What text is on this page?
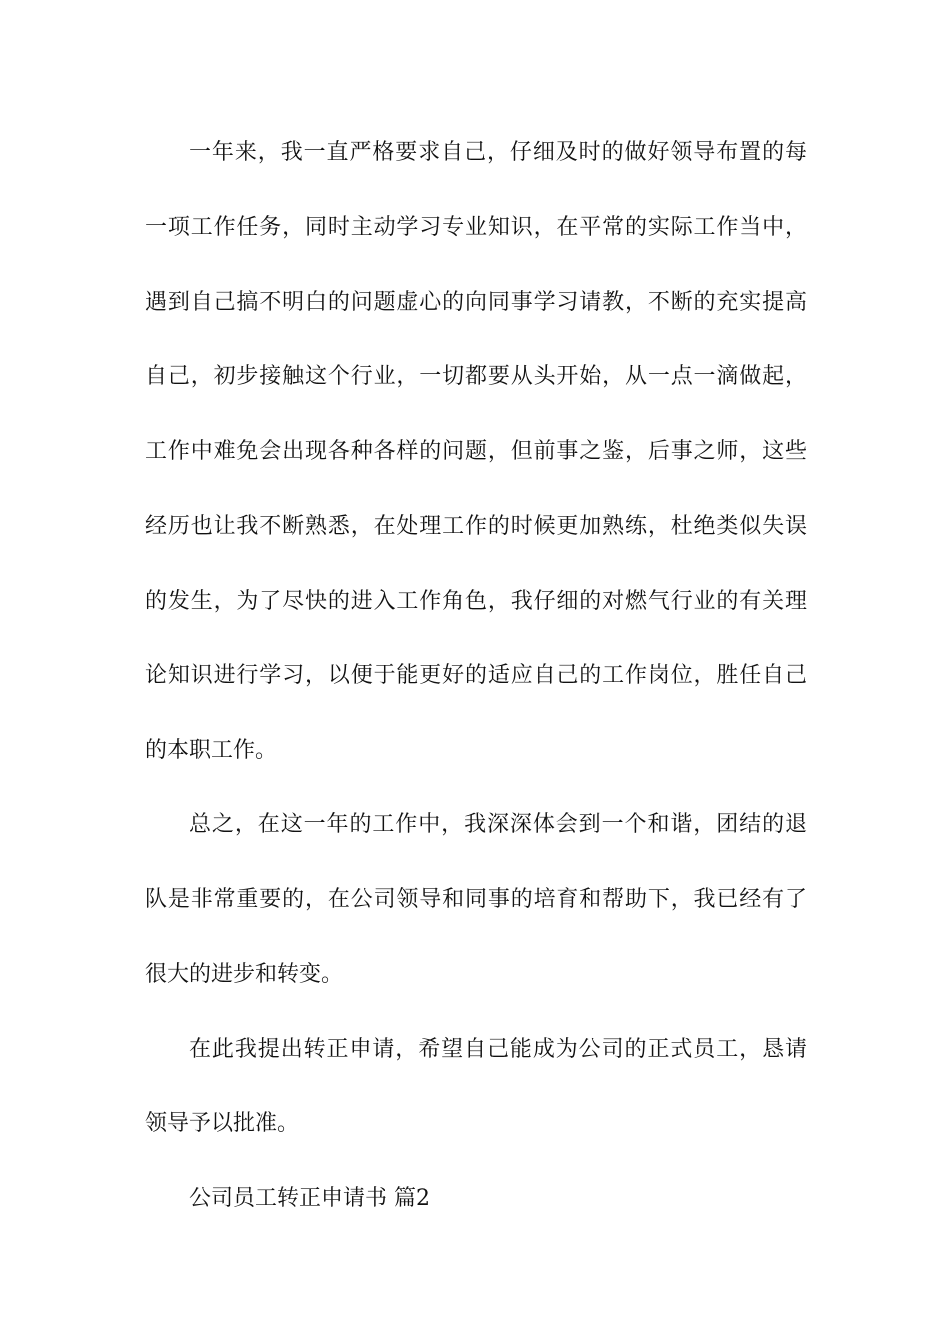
一年来，我一直严格要求自己，仔细及时的做好领导布置的每
一项工作任务，同时主动学习专业知识，在平常的实际工作当中，
遇到自己搞不明白的问题虚心的向同事学习请教，不断的充实提高
自己，初步接触这个行业，一切都要从头开始，从一点一滴做起，
工作中难免会出现各种各样的问题，但前事之鉴，后事之师，这些
经历也让我不断熟悉，在处理工作的时候更加熟练，杜绝类似失误
的发生，为了尽快的进入工作角色，我仔细的对燃气行业的有关理
论知识进行学习，以便于能更好的适应自己的工作岗位，胜任自己
的本职工作。
总之，在这一年的工作中，我深深体会到一个和谐，团结的退
队是非常重要的，在公司领导和同事的培育和帮助下，我已经有了
很大的进步和转变。
在此我提出转正申请，希望自己能成为公司的正式员工，恳请
领导予以批准。
公司员工转正申请书 篇2
